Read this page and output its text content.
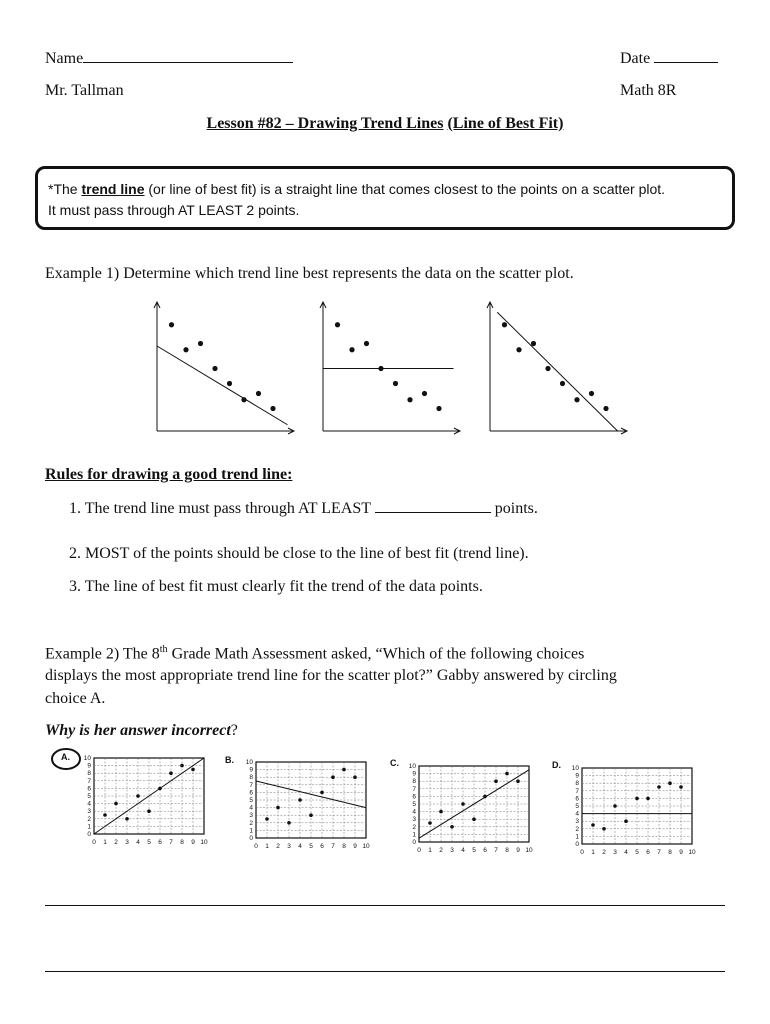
Name	Date
Mr. Tallman	Math 8R
Lesson #82 – Drawing Trend Lines (Line of Best Fit)

*The trend line (or line of best fit) is a straight line that comes closest to the points on a scatter plot.
It must pass through AT LEAST 2 points.

Example 1) Determine which trend line best represents the data on the scatter plot.
Rules for drawing a good trend line:
1. The trend line must pass through AT LEAST	points.
2. MOST of the points should be close to the line of best fit (trend line).
3. The line of best fit must clearly fit the trend of the data points.
Example 2) The 8th Grade Math Assessment asked, “Which of the following choices
displays the most appropriate trend line for the scatter plot?” Gabby answered by circling
choice A.
Why is her answer incorrect?
A.	B.	C.	D.
0 1 2 3 4 5 6 7 8 9 10
0
1
2
3
4
5
6
7
8
9
10
0 1 2 3 4 5 6 7 8 9 10
0
1
2
3
4
5
6
7
8
9
10
0 1 2 3 4 5 6 7 8 9 10
0
1
2
3
4
5
6
7
8
9
10
0 1 2 3 4 5 6 7 8 9 10
0
1
2
3
4
5
6
7
8
9
10
